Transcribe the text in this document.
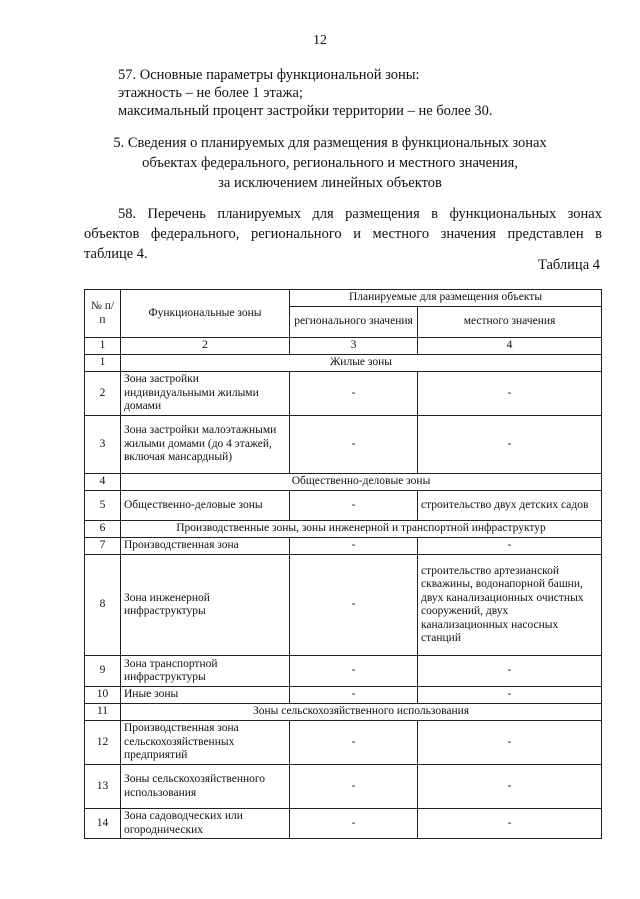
12
57. Основные параметры функциональной зоны:
этажность – не более 1 этажа;
максимальный процент застройки территории – не более 30.
5. Сведения о планируемых для размещения в функциональных зонах
объектах федерального, регионального и местного значения,
за исключением линейных объектов
58. Перечень планируемых для размещения в функциональных зонах
объектов федерального, регионального и местного значения представлен в
таблице 4.
Таблица 4
№ п/п	Функциональные зоны	Планируемые для размещения объекты	
		регионального значения	местного значения
1	2	3	4
1	Жилые зоны		
2	Зона застройки индивидуальными жилыми домами	-	-
3	Зона застройки малоэтажными жилыми домами (до 4 этажей, включая мансардный)	-	-
4	Общественно-деловые зоны		
5	Общественно-деловые зоны	-	строительство двух детских садов
6	Производственные зоны, зоны инженерной и транспортной инфраструктур		
7	Производственная зона	-	-
8	Зона инженерной инфраструктуры	-	строительство артезианской скважины, водонапорной башни, двух канализационных очистных сооружений, двух канализационных насосных станций
9	Зона транспортной инфраструктуры	-	-
10	Иные зоны	-	-
11	Зоны сельскохозяйственного использования		
12	Производственная зона сельскохозяйственных предприятий	-	-
13	Зоны сельскохозяйственного использования	-	-
14	Зона садоводческих или огороднических	-	-
